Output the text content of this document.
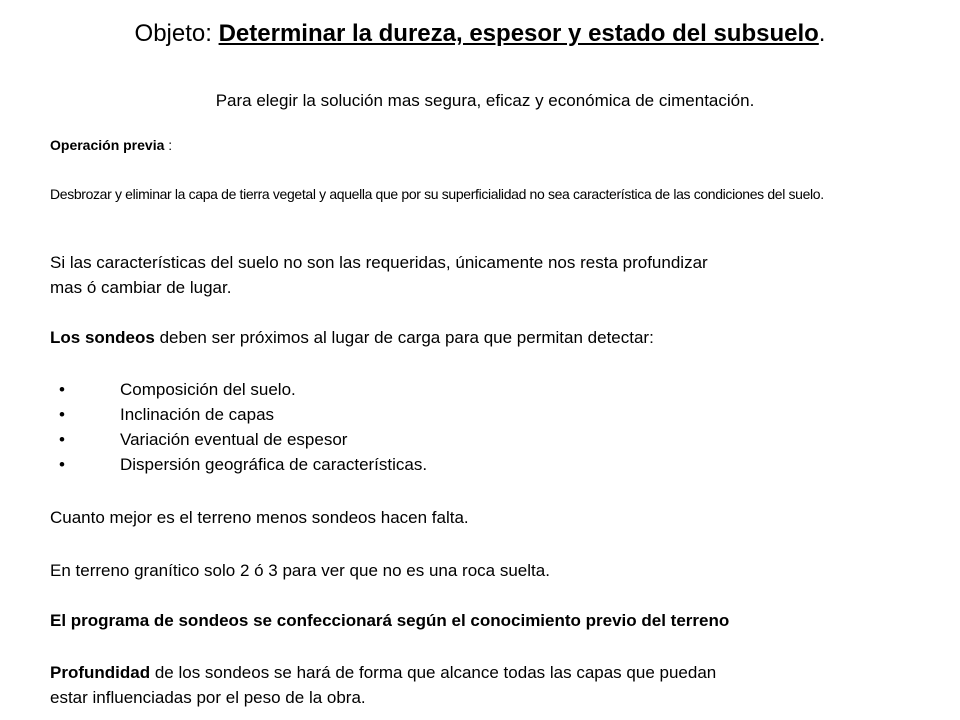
Objeto: Determinar la dureza, espesor y estado del subsuelo.
Para elegir la solución mas segura, eficaz y económica de cimentación.
Operación previa :
Desbrozar y eliminar la capa de tierra vegetal y aquella que por su superficialidad no sea característica de las condiciones del suelo.
Si las características del suelo no son las requeridas, únicamente nos resta profundizar
mas ó cambiar de lugar.
Los sondeos deben ser próximos al lugar de carga para que permitan detectar:
•	Composición del suelo.
•	Inclinación de capas
•	Variación eventual de espesor
•	Dispersión geográfica de características.
Cuanto mejor es el terreno menos sondeos hacen falta.
En terreno granítico solo 2 ó 3 para ver que no es una roca suelta.
El programa de sondeos se confeccionará según el conocimiento previo del terreno
Profundidad de los sondeos se hará de forma que alcance todas las capas que puedan
estar influenciadas por el peso de la obra.
